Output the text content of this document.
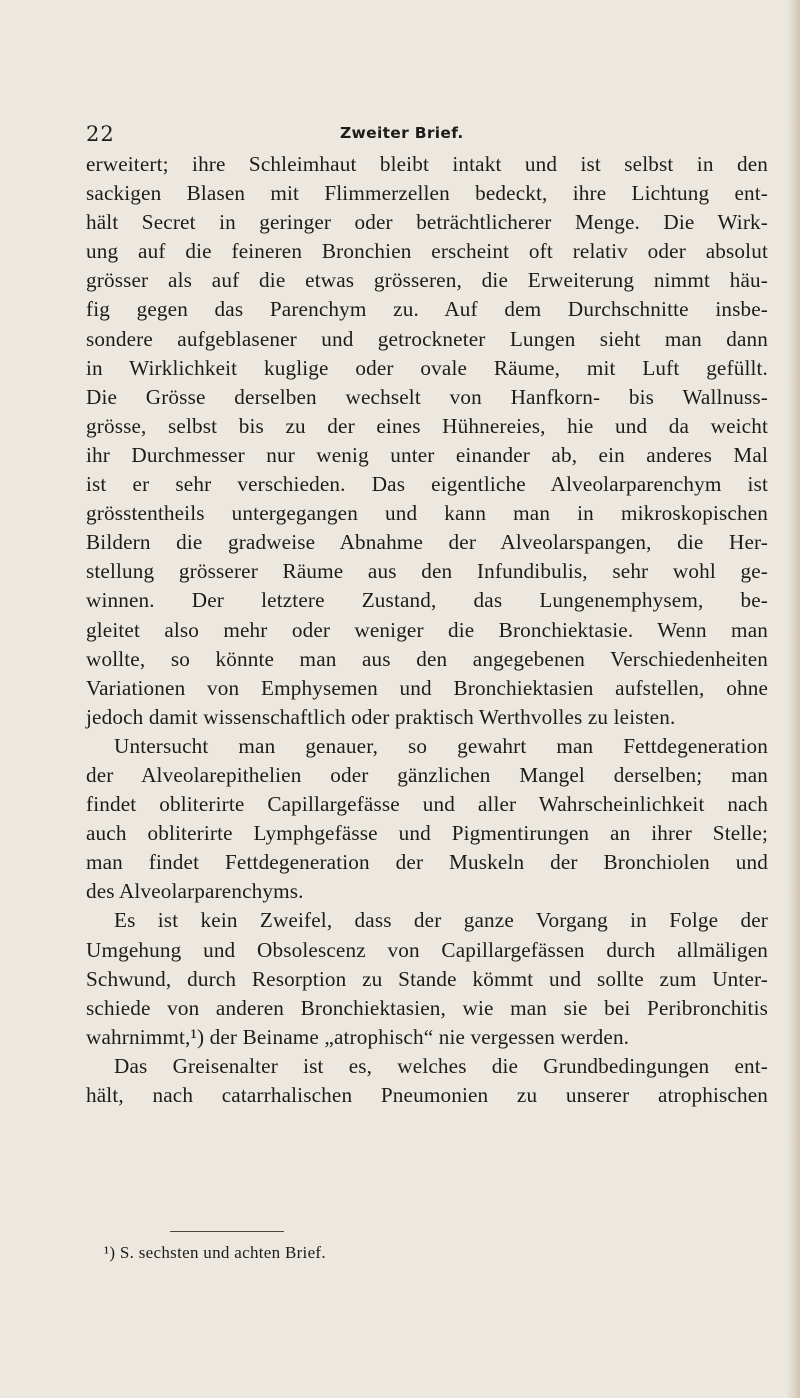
22	Zweiter Brief.
erweitert; ihre Schleimhaut bleibt intakt und ist selbst in den
sackigen Blasen mit Flimmerzellen bedeckt, ihre Lichtung ent-
hält Secret in geringer oder beträchtlicherer Menge. Die Wirk-
ung auf die feineren Bronchien erscheint oft relativ oder absolut
grösser als auf die etwas grösseren, die Erweiterung nimmt häu-
fig gegen das Parenchym zu. Auf dem Durchschnitte insbe-
sondere aufgeblasener und getrockneter Lungen sieht man dann
in Wirklichkeit kuglige oder ovale Räume, mit Luft gefüllt.
Die Grösse derselben wechselt von Hanfkorn- bis Wallnuss-
grösse, selbst bis zu der eines Hühnereies, hie und da weicht
ihr Durchmesser nur wenig unter einander ab, ein anderes Mal
ist er sehr verschieden. Das eigentliche Alveolarparenchym ist
grösstentheils untergegangen und kann man in mikroskopischen
Bildern die gradweise Abnahme der Alveolarspangen, die Her-
stellung grösserer Räume aus den Infundibulis, sehr wohl ge-
winnen. Der letztere Zustand, das Lungenemphysem, be-
gleitet also mehr oder weniger die Bronchiektasie. Wenn man
wollte, so könnte man aus den angegebenen Verschiedenheiten
Variationen von Emphysemen und Bronchiektasien aufstellen, ohne
jedoch damit wissenschaftlich oder praktisch Werthvolles zu leisten.
Untersucht man genauer, so gewahrt man Fettdegeneration
der Alveolarepithelien oder gänzlichen Mangel derselben; man
findet obliterirte Capillargefässe und aller Wahrscheinlichkeit nach
auch obliterirte Lymphgefässe und Pigmentirungen an ihrer Stelle;
man findet Fettdegeneration der Muskeln der Bronchiolen und
des Alveolarparenchyms.
Es ist kein Zweifel, dass der ganze Vorgang in Folge der
Umgehung und Obsolescenz von Capillargefässen durch allmäligen
Schwund, durch Resorption zu Stande kömmt und sollte zum Unter-
schiede von anderen Bronchiektasien, wie man sie bei Peribronchitis
wahrnimmt,¹) der Beiname „atrophisch“ nie vergessen werden.
Das Greisenalter ist es, welches die Grundbedingungen ent-
hält, nach catarrhalischen Pneumonien zu unserer atrophischen
¹) S. sechsten und achten Brief.
